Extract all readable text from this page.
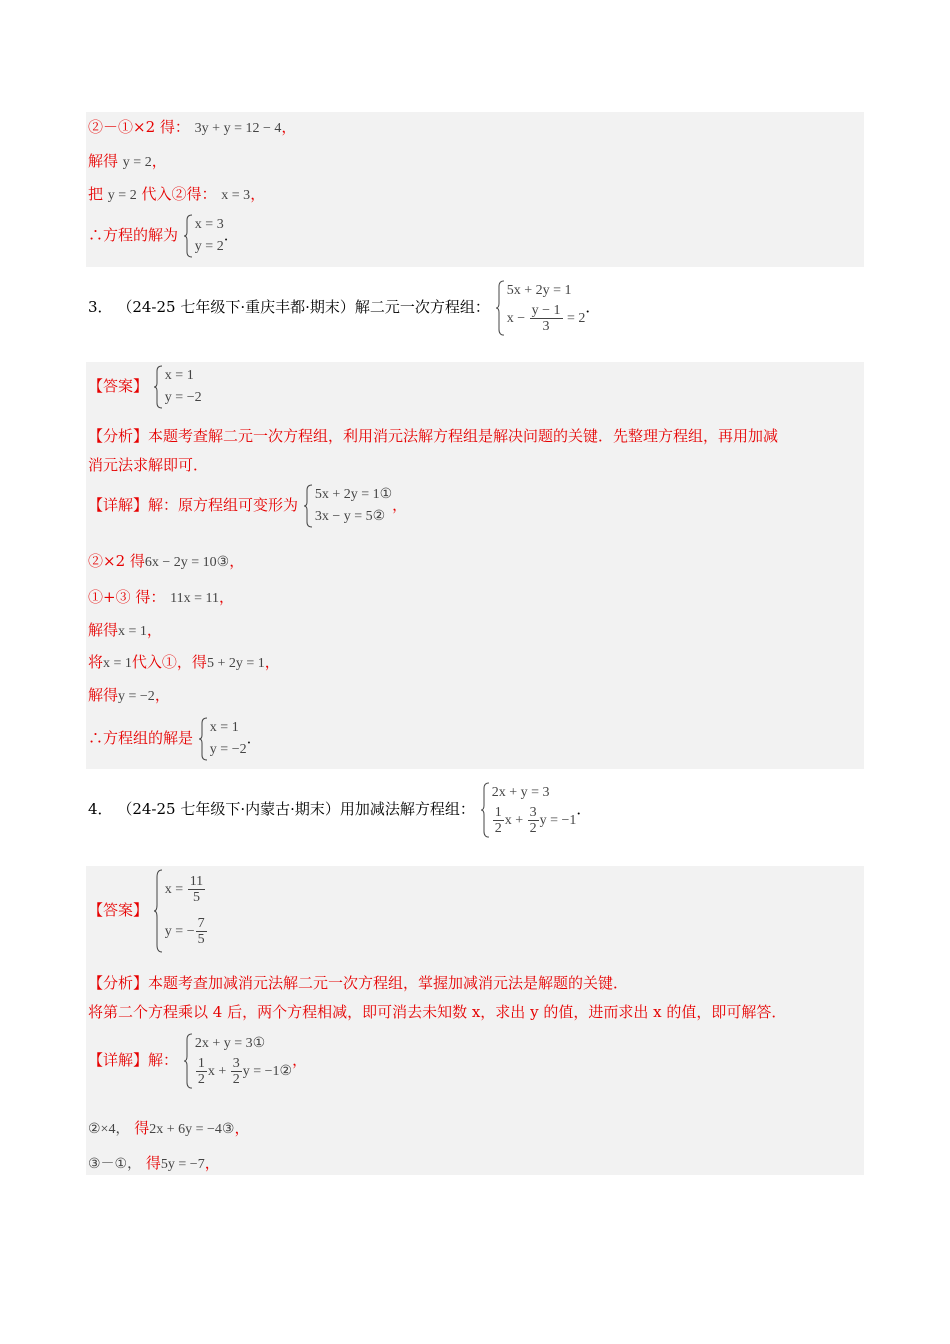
②－①×2 得： 3y + y = 12 − 4，
解得 y = 2，
把 y = 2 代入②得： x = 3，
∴方程的解为
x = 3
y = 2
．
3． （24-25 七年级下·重庆丰都·期末）解二元一次方程组：
5x + 2y = 1
$x - \frac{y - 1}{3} = 2$
．
【答案】
x = 1
y = −2
【分析】本题考查解二元一次方程组，利用消元法解方程组是解决问题的关键．先整理方程组，再用加减
消元法求解即可．
【详解】解：原方程组可变形为
5x + 2y = 1①
3x − y = 5②
，
②×2 得6x − 2y = 10③，
①+③ 得： 11x = 11，
解得x = 1，
将x = 1代入①，得5 + 2y = 1，
解得y = −2，
∴方程组的解是
x = 1
y = −2
．
4． （24-25 七年级下·内蒙古·期末）用加减法解方程组：
2x + y = 3
$\frac{1}{2}$ $x + \frac{3}{2}$ y = −1
．
【答案】
$x = \frac{11}{5}$
y = − $\frac{7}{5}$
【分析】本题考查加减消元法解二元一次方程组，掌握加减消元法是解题的关键．
将第二个方程乘以 4 后，两个方程相减，即可消去未知数 x，求出 y 的值，进而求出 x 的值，即可解答．
【详解】解：
2x + y = 3①
$\frac{1}{2}$ $x + \frac{3}{2}$ y = −1②
，
②×4， 得2x + 6y = −4③，
③－①， 得5y = −7，
